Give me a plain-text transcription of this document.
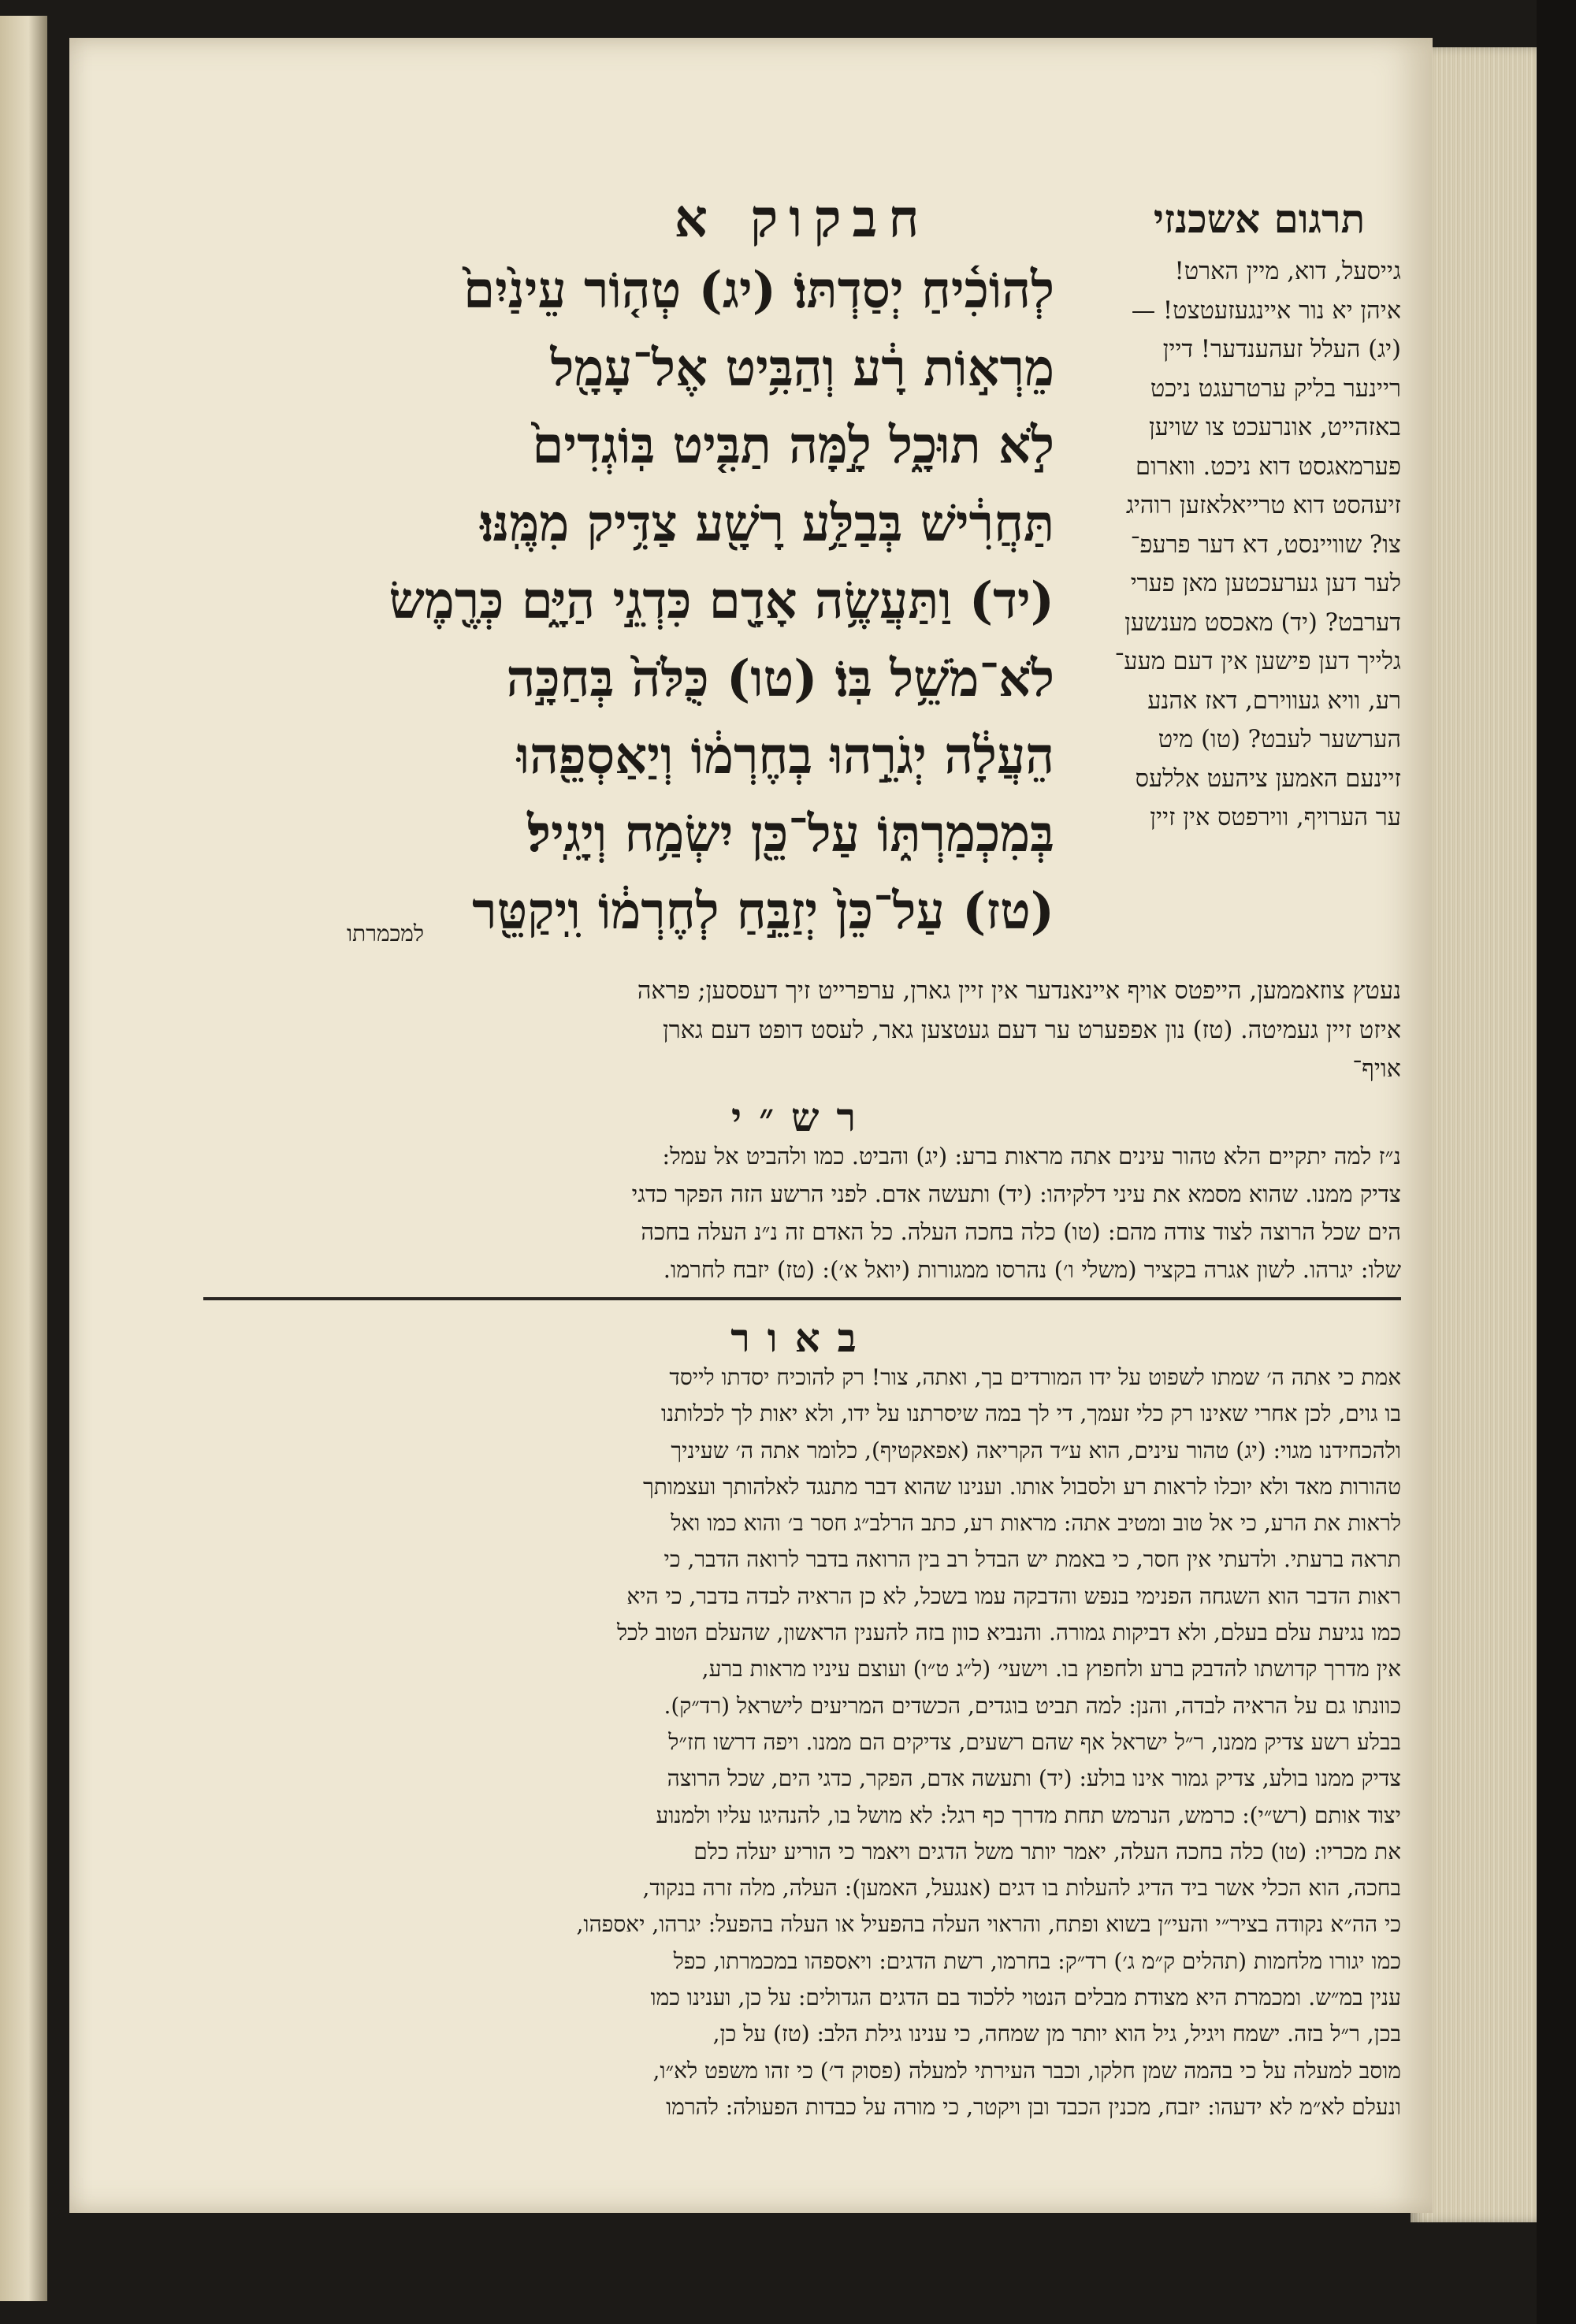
תרגום אשכנזי
חבקוקא
גייסעל, דוא, מיין הארט!
איהן יא נור איינגעזעטצט! —
(יג) העלל זעהענדער! דיין
ריינער בליק ערטרעגט ניכט
באזהייט, אונרעכט צו שויען
פערמאגסט דוא ניכט. ווארום
זיעהסט דוא טרייאלאזען רוהיג
צו? שוויינסט, דא דער פרעפ־
לער דען גערעכטען מאן פערי
דערבט? (יד) מאכסט מענשען
גלייך דען פישען אין דעם מעע־
רע, וויא געווירם, דאז אהנע
הערשער לעבט? (טו) מיט
זיינעם האמען ציהעט אללעס
ער הערויף, ווירפטס אין זיין
לְהוֹכִ֫יחַ יְסַדְתּוֹ׃ (יג) טְה֤וֹר עֵינַ֙יִם֙
מֵרְא֣וֹת רָ֔ע וְהַבִּ֥יט אֶל־עָמָ֖ל
לֹ֣א תוּכָ֑ל לָ֣מָּה תַבִּ֤יט בּֽוֹגְדִים֙
תַּחֲרִ֔ישׁ בְּבַלַּ֥ע רָשָׁ֖ע צַדִּ֥יק מִמֶּֽנּוּ׃
(יד) וַתַּעֲשֶׂ֥ה אָדָ֖ם כִּדְגֵ֣י הַיָּ֑ם כְּרֶ֖מֶשׂ
לֹא־מֹשֵׁ֥ל בּֽוֹ׃ (טו) כֻּלֹּה֙ בְּחַכָּ֣ה
הֵעֲלָ֔ה יְגֹרֵ֣הוּ בְחֶרְמ֔וֹ וְיַאַסְפֵ֖הוּ
בְּמִכְמַרְתּ֑וֹ עַל־כֵּ֖ן יִשְׂמַ֥ח וְיָגִֽיל׃
(טז) עַל־כֵּן֙ יְזַבֵּ֣חַ לְחֶרְמ֔וֹ וִֽיקַטֵּ֖ר
למכמרתו
נעטץ צוזאממען, הייפטס אויף איינאנדער אין זיין גארן, ערפרייט זיך דעססען; פראה
איזט זיין געמיטה. (טז) נון אפפערט ער דעם געטצען גאר, לעסט דופט דעם גארן
אויף־
רש״י
נ״ז למה יתקיים הלא טהור עינים אתה מראות ברע: (יג) והביט. כמו ולהביט אל עמל:
צדיק ממנו. שהוא מסמא את עיני דלקיהו: (יד) ותעשה אדם. לפני הרשע הזה הפקר כדגי
הים שכל הרוצה לצוד צודה מהם: (טו) כלה בחכה העלה. כל האדם זה נ״נ העלה בחכה
שלו: יגרהו. לשון אגרה בקציר (משלי ו׳) נהרסו ממגורות (יואל א׳): (טז) יזבח לחרמו.
באור
אמת כי אתה ה׳ שמתו לשפוט על ידו המורדים בך, ואתה, צור! רק להוכיח יסדתו לייסד
בו גוים, לכן אחרי שאינו רק כלי זעמך, די לך במה שיסרתנו על ידו, ולא יאות לך לכלותנו
ולהכחידנו מגוי: (יג) טהור עינים, הוא ע״ד הקריאה (אפאקטיף), כלומר אתה ה׳ שעיניך
טהורות מאד ולא יוכלו לראות רע ולסבול אותו. וענינו שהוא דבר מתנגד לאלהותך ועצמותך
לראות את הרע, כי אל טוב ומטיב אתה: מראות רע, כתב הרלב״ג חסר ב׳ והוא כמו ואל
תראה ברעתי. ולדעתי אין חסר, כי באמת יש הבדל רב בין הרואה בדבר לרואה הדבר, כי
ראות הדבר הוא השגחה הפנימי בנפש והדבקה עמו בשכל, לא כן הראיה לבדה בדבר, כי היא
כמו נגיעת עלם בעלם, ולא דביקות גמורה. והנביא כוון בזה להענין הראשון, שהעלם הטוב לכל
אין מדרך קדושתו להדבק ברע ולחפוץ בו. וישעי׳ (ל״ג ט״ו) ועוצם עיניו מראות ברע,
כוונתו גם על הראיה לבדה, והנן: למה תביט בוגדים, הכשדים המריעים לישראל (רד״ק).
בבלע רשע צדיק ממנו, ר״ל ישראל אף שהם רשעים, צדיקים הם ממנו. ויפה דרשו חז״ל
צדיק ממנו בולע, צדיק גמור אינו בולע: (יד) ותעשה אדם, הפקר, כדגי הים, שכל הרוצה
יצוד אותם (רש״י): כרמש, הנרמש תחת מדרך כף רגל: לא מושל בו, להנהיגו עליו ולמנוע
את מכריו: (טו) כלה בחכה העלה, יאמר יותר משל הדגים ויאמר כי הוריע יעלה כלם
בחכה, הוא הכלי אשר ביד הדיג להעלות בו דגים (אנגעל, האמען): העלה, מלה זרה בנקוד,
כי הה״א נקודה בציר״י והעי״ן בשוא ופתח, והראוי העלה בהפעיל או העלה בהפעל: יגרהו, יאספהו,
כמו יגורו מלחמות (תהלים ק״מ ג׳) רד״ק: בחרמו, רשת הדגים: ויאספהו במכמרתו, כפל
ענין במ״ש. ומכמרת היא מצודת מבלים הנטוי ללכוד בם הדגים הגדולים: על כן, וענינו כמו
בכן, ר״ל בזה. ישמח ויגיל, גיל הוא יותר מן שמחה, כי ענינו גילת הלב: (טז) על כן,
מוסב למעלה על כי בהמה שמן חלקו, וכבר העירתי למעלה (פסוק ד׳) כי זהו משפט לא״ו,
ונעלם לא״מ לא ידעהו: יזבח, מכנין הכבד ובן ויקטר, כי מורה על כבדות הפעולה: להרמו
